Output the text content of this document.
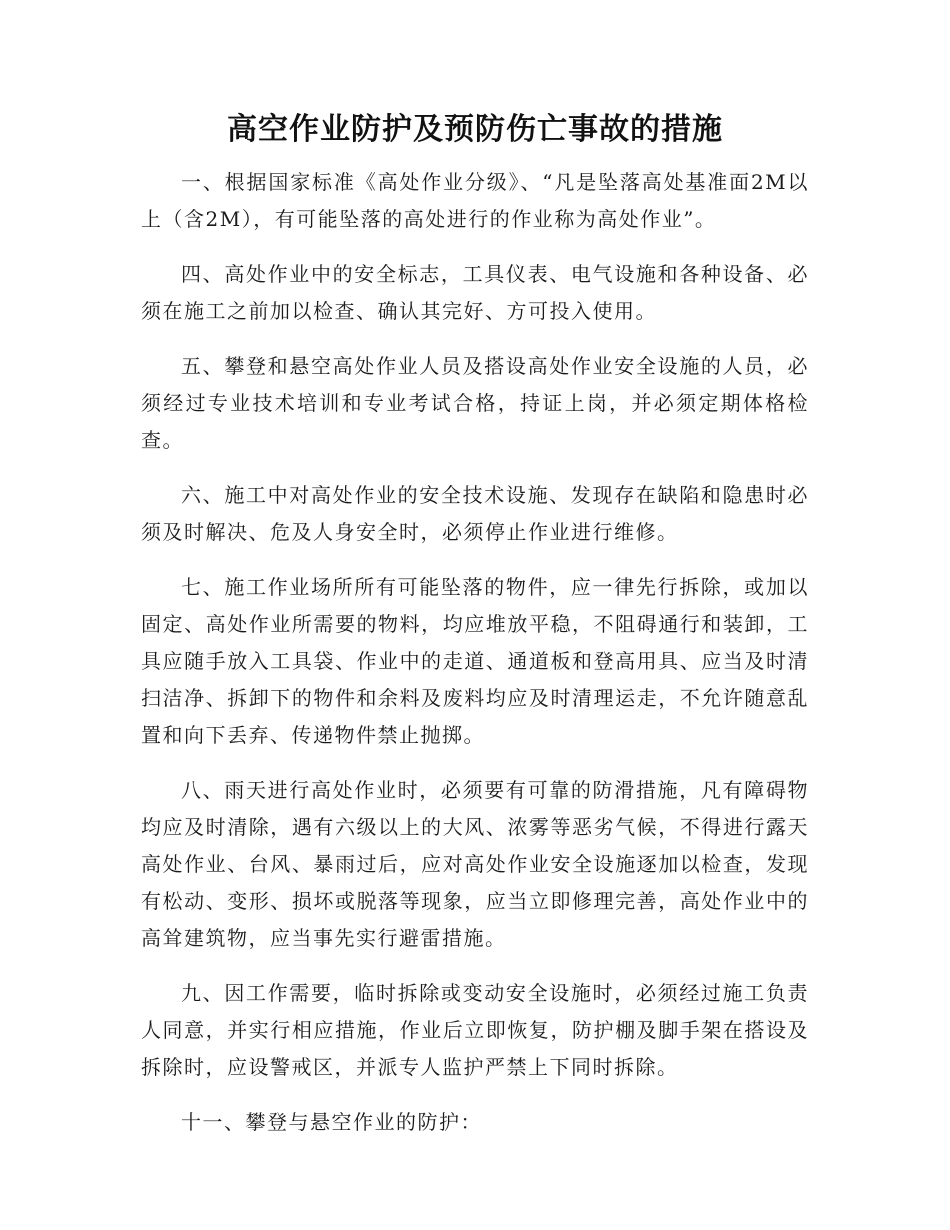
高空作业防护及预防伤亡事故的措施

一、根据国家标准《高处作业分级》、“凡是坠落高处基准面2M以上（含2M），有可能坠落的高处进行的作业称为高处作业”。

四、高处作业中的安全标志，工具仪表、电气设施和各种设备、必须在施工之前加以检查、确认其完好、方可投入使用。

五、攀登和悬空高处作业人员及搭设高处作业安全设施的人员，必须经过专业技术培训和专业考试合格，持证上岗，并必须定期体格检查。

六、施工中对高处作业的安全技术设施、发现存在缺陷和隐患时必须及时解决、危及人身安全时，必须停止作业进行维修。

七、施工作业场所所有可能坠落的物件，应一律先行拆除，或加以固定、高处作业所需要的物料，均应堆放平稳，不阻碍通行和装卸，工具应随手放入工具袋、作业中的走道、通道板和登高用具、应当及时清扫洁净、拆卸下的物件和余料及废料均应及时清理运走，不允许随意乱置和向下丢弃、传递物件禁止抛掷。

八、雨天进行高处作业时，必须要有可靠的防滑措施，凡有障碍物均应及时清除，遇有六级以上的大风、浓雾等恶劣气候，不得进行露天高处作业、台风、暴雨过后，应对高处作业安全设施逐加以检查，发现有松动、变形、损坏或脱落等现象，应当立即修理完善，高处作业中的高耸建筑物，应当事先实行避雷措施。

九、因工作需要，临时拆除或变动安全设施时，必须经过施工负责人同意，并实行相应措施，作业后立即恢复，防护棚及脚手架在搭设及拆除时，应设警戒区，并派专人监护严禁上下同时拆除。

十一、攀登与悬空作业的防护：
